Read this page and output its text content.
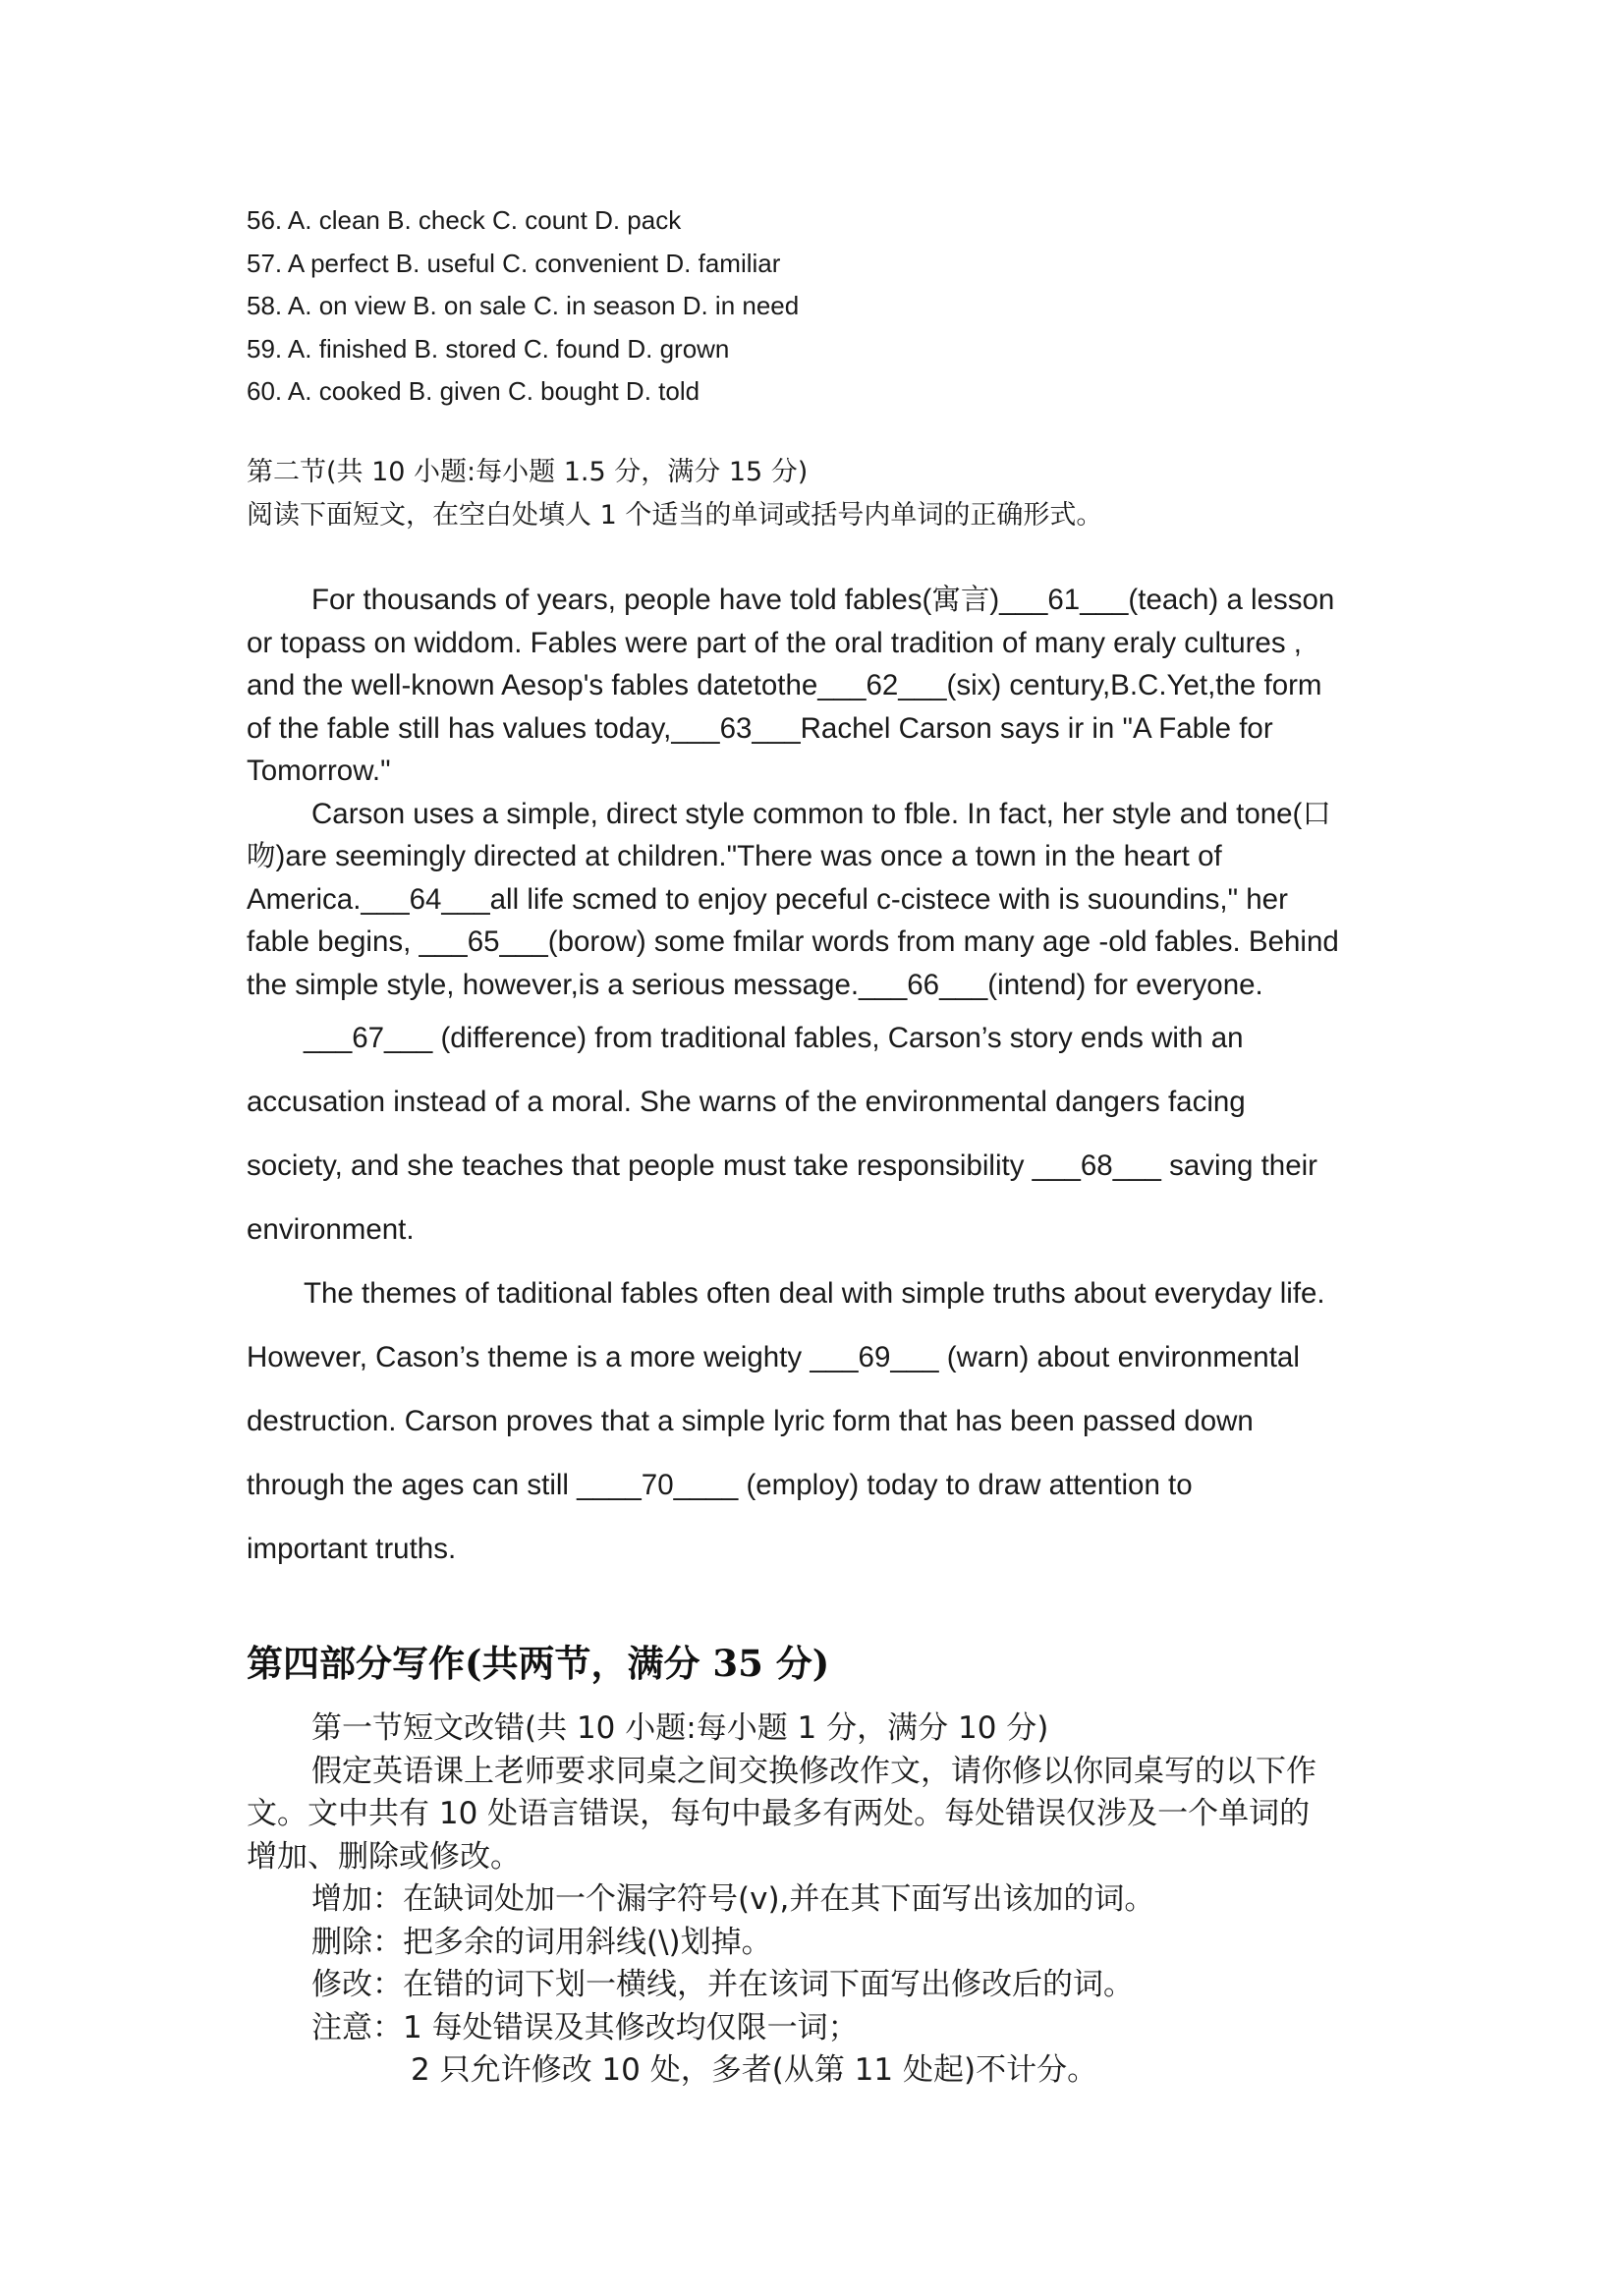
56. A. clean B. check C. count D. pack
57. A perfect B. useful C. convenient D. familiar
58. A. on view B. on sale C. in season D. in need
59. A. finished B. stored C. found D. grown
60. A. cooked B. given C. bought D. told
第二节(共 10 小题:每小题 1.5 分，满分 15 分)
阅读下面短文，在空白处填人 1 个适当的单词或括号内单词的正确形式。
For thousands of years, people have told fables(寓言)___61___(teach) a lesson
or topass on widdom. Fables were part of the oral tradition of many eraly cultures ,
and the well-known Aesop's fables datetothe___62___(six) century,B.C.Yet,the form
of the fable still has values today,___63___Rachel Carson says ir in "A Fable for
Tomorrow."
Carson uses a simple, direct style common to fble. In fact, her style and tone(口
吻)are seemingly directed at children."There was once a town in the heart of
America.___64___all life scmed to enjoy peceful c-cistece with is suoundins," her
fable begins, ___65___(borow) some fmilar words from many age -old fables. Behind
the simple style, however,is a serious message.___66___(intend) for everyone.
___67___ (difference) from traditional fables, Carson’s story ends with an
accusation instead of a moral. She warns of the environmental dangers facing
society, and she teaches that people must take responsibility ___68___ saving their
environment.
The themes of taditional fables often deal with simple truths about everyday life.
However, Cason’s theme is a more weighty ___69___ (warn) about environmental
destruction. Carson proves that a simple lyric form that has been passed down
through the ages can still ____70____ (employ) today to draw attention to
important truths.
第四部分写作(共两节，满分 35 分)
第一节短文改错(共 10 小题:每小题 1 分，满分 10 分)
假定英语课上老师要求同桌之间交换修改作文，请你修以你同桌写的以下作
文。文中共有 10 处语言错误，每句中最多有两处。每处错误仅涉及一个单词的
增加、删除或修改。
增加：在缺词处加一个漏字符号(v),并在其下面写出该加的词。
删除：把多余的词用斜线(\)划掉。
修改：在错的词下划一横线，并在该词下面写出修改后的词。
注意：1 每处错误及其修改均仅限一词；
2 只允许修改 10 处，多者(从第 11 处起)不计分。
